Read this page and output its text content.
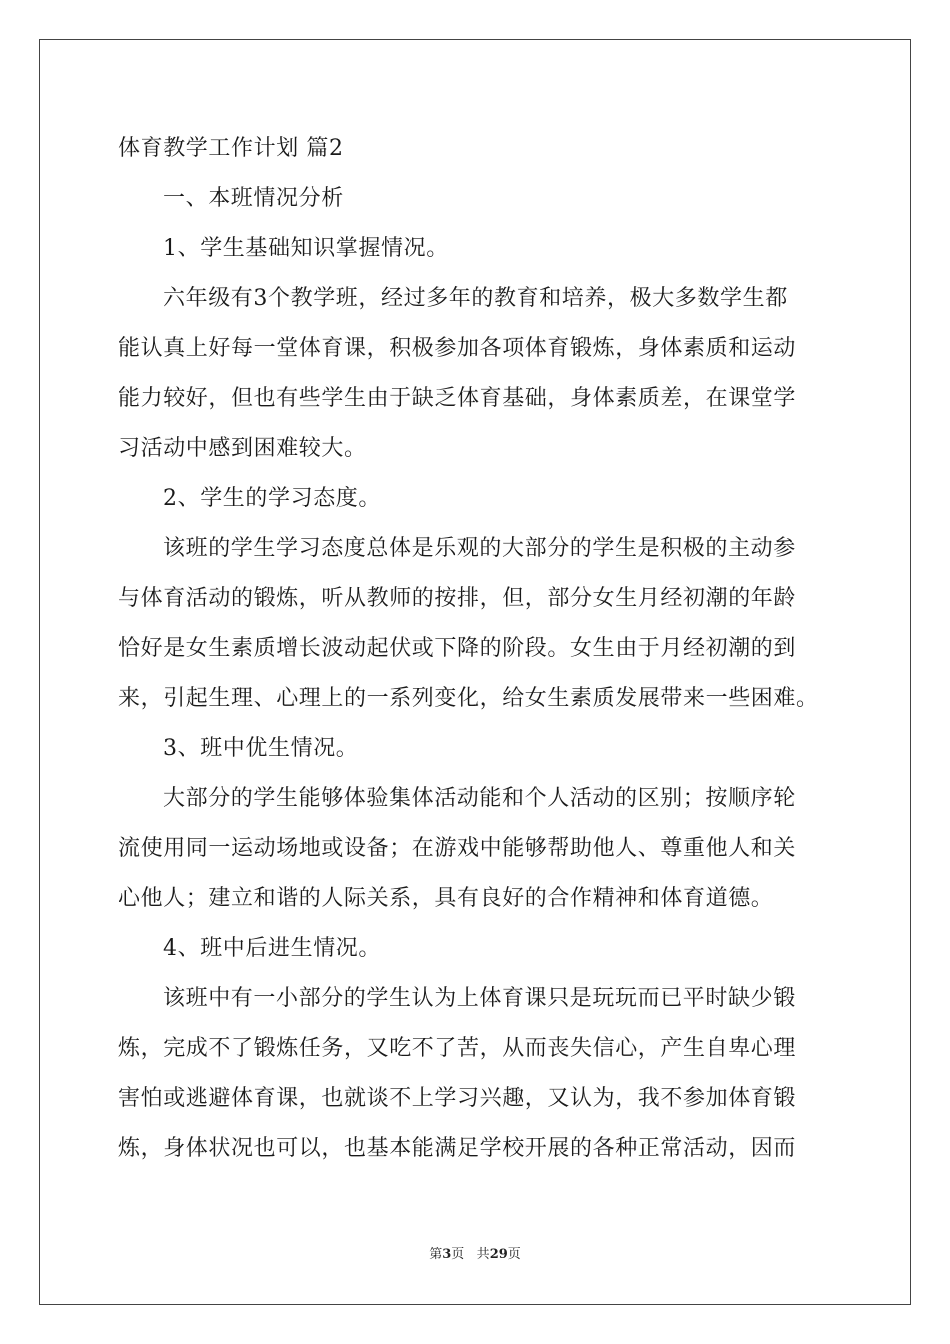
体育教学工作计划 篇2
一、本班情况分析
1、学生基础知识掌握情况。
六年级有3个教学班，经过多年的教育和培养，极大多数学生都
能认真上好每一堂体育课，积极参加各项体育锻炼，身体素质和运动
能力较好，但也有些学生由于缺乏体育基础，身体素质差，在课堂学
习活动中感到困难较大。
2、学生的学习态度。
该班的学生学习态度总体是乐观的大部分的学生是积极的主动参
与体育活动的锻炼，听从教师的按排，但，部分女生月经初潮的年龄
恰好是女生素质增长波动起伏或下降的阶段。女生由于月经初潮的到
来，引起生理、心理上的一系列变化，给女生素质发展带来一些困难。
3、班中优生情况。
大部分的学生能够体验集体活动能和个人活动的区别；按顺序轮
流使用同一运动场地或设备；在游戏中能够帮助他人、尊重他人和关
心他人；建立和谐的人际关系，具有良好的合作精神和体育道德。
4、班中后进生情况。
该班中有一小部分的学生认为上体育课只是玩玩而已平时缺少锻
炼，完成不了锻炼任务，又吃不了苦，从而丧失信心，产生自卑心理
害怕或逃避体育课，也就谈不上学习兴趣，又认为，我不参加体育锻
炼，身体状况也可以，也基本能满足学校开展的各种正常活动，因而
第3页 共29页
